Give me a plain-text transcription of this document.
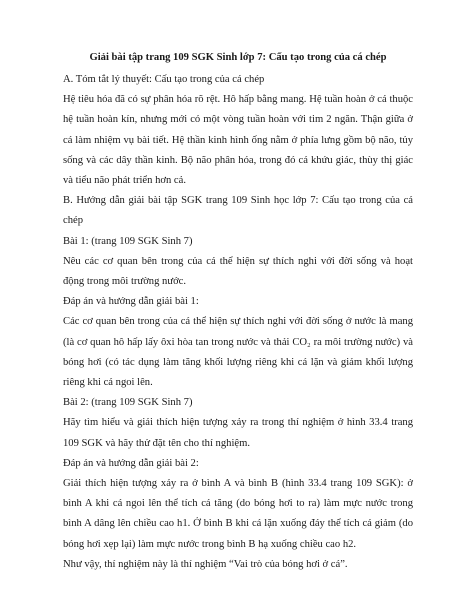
Giải bài tập trang 109 SGK Sinh lớp 7: Cấu tạo trong của cá chép

A. Tóm tắt lý thuyết: Cấu tạo trong của cá chép

Hệ tiêu hóa đã có sự phân hóa rõ rệt. Hô hấp bằng mang. Hệ tuần hoàn ở cá thuộc hệ tuần hoàn kín, nhưng mới có một vòng tuần hoàn với tim 2 ngăn. Thận giữa ở cá làm nhiệm vụ bài tiết. Hệ thần kinh hình ống nằm ở phía lưng gồm bộ não, tủy sống và các dây thần kinh. Bộ não phân hóa, trong đó cá khứu giác, thùy thị giác và tiểu não phát triển hơn cả.

B. Hướng dẫn giải bài tập SGK trang 109 Sinh học lớp 7: Cấu tạo trong của cá chép

Bài 1: (trang 109 SGK Sinh 7)

Nêu các cơ quan bên trong của cá thể hiện sự thích nghi với đời sống và hoạt động trong môi trường nước.

Đáp án và hướng dẫn giải bài 1:

Các cơ quan bên trong của cá thể hiện sự thích nghi với đời sống ở nước là mang (là cơ quan hô hấp lấy ôxi hòa tan trong nước và thải CO₂ ra môi trường nước) và bóng hơi (có tác dụng làm tăng khối lượng riêng khi cá lặn và giảm khối lượng riêng khi cá ngoi lên.

Bài 2: (trang 109 SGK Sinh 7)

Hãy tìm hiểu và giải thích hiện tượng xảy ra trong thí nghiệm ở hình 33.4 trang 109 SGK và hãy thử đặt tên cho thí nghiệm.

Đáp án và hướng dẫn giải bài 2:

Giải thích hiện tượng xảy ra ở bình A và bình B (hình 33.4 trang 109 SGK): ở bình A khi cá ngoi lên thể tích cá tăng (do bóng hơi to ra) làm mực nước trong bình A dâng lên chiều cao h1. Ở bình B khi cá lặn xuống đáy thể tích cá giảm (do bóng hơi xẹp lại) làm mực nước trong bình B hạ xuống chiều cao h2.

Như vậy, thí nghiệm này là thí nghiệm “Vai trò của bóng hơi ở cá”.
